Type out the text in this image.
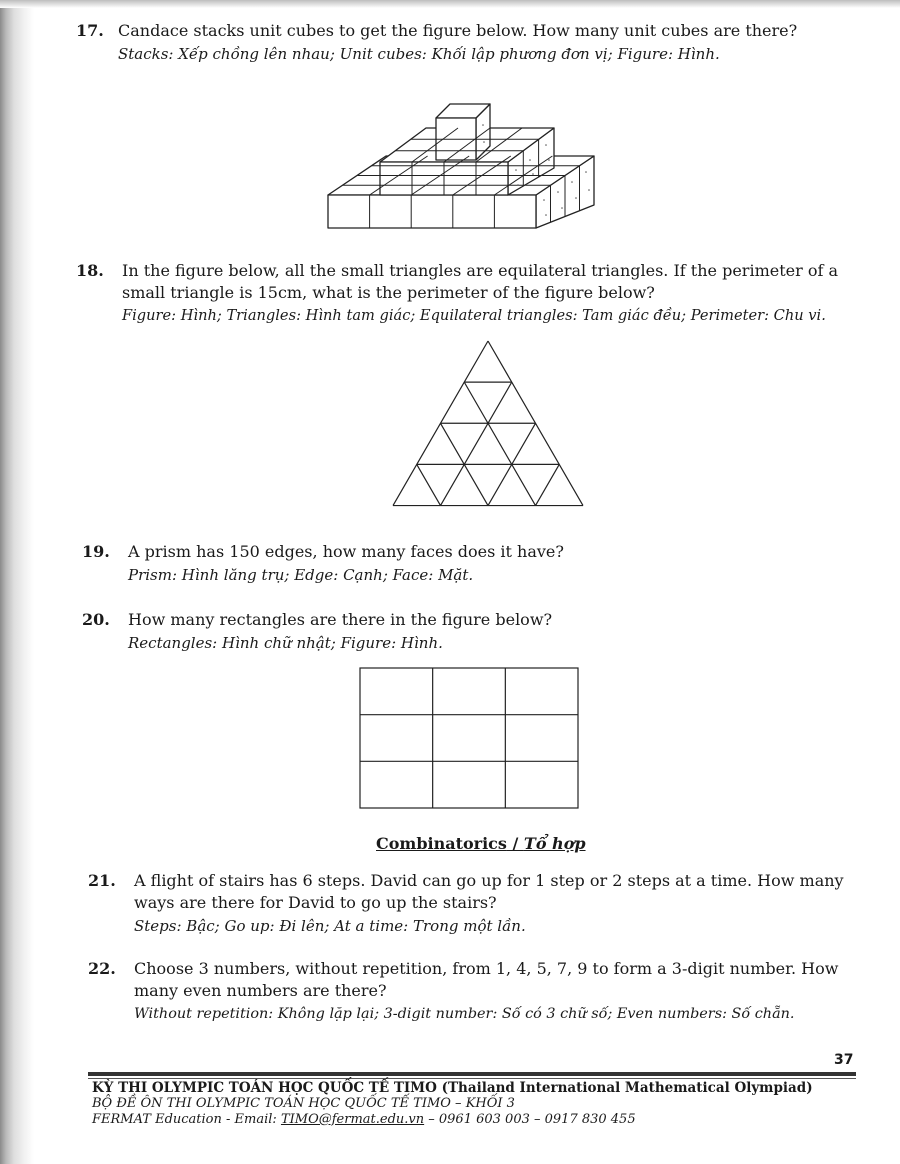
17. Candace stacks unit cubes to get the figure below. How many unit cubes are there?
Stacks: Xếp chồng lên nhau; Unit cubes: Khối lập phương đơn vị; Figure: Hình.
18. In the figure below, all the small triangles are equilateral triangles. If the perimeter of a small triangle is 15cm, what is the perimeter of the figure below?
Figure: Hình; Triangles: Hình tam giác; Equilateral triangles: Tam giác đều; Perimeter: Chu vi.
19. A prism has 150 edges, how many faces does it have?
Prism: Hình lăng trụ; Edge: Cạnh; Face: Mặt.
20. How many rectangles are there in the figure below?
Rectangles: Hình chữ nhật; Figure: Hình.
Combinatorics / Tổ hợp
21. A flight of stairs has 6 steps. David can go up for 1 step or 2 steps at a time. How many ways are there for David to go up the stairs?
Steps: Bậc; Go up: Đi lên; At a time: Trong một lần.
22. Choose 3 numbers, without repetition, from 1, 4, 5, 7, 9 to form a 3-digit number. How many even numbers are there?
Without repetition: Không lặp lại; 3-digit number: Số có 3 chữ số; Even numbers: Số chẵn.
37
KỲ THI OLYMPIC TOÁN HỌC QUỐC TẾ TIMO (Thailand International Mathematical Olympiad)
BỘ ĐỀ ÔN THI OLYMPIC TOÁN HỌC QUỐC TẾ TIMO – KHỐI 3
FERMAT Education - Email: TIMO@fermat.edu.vn – 0961 603 003 – 0917 830 455
